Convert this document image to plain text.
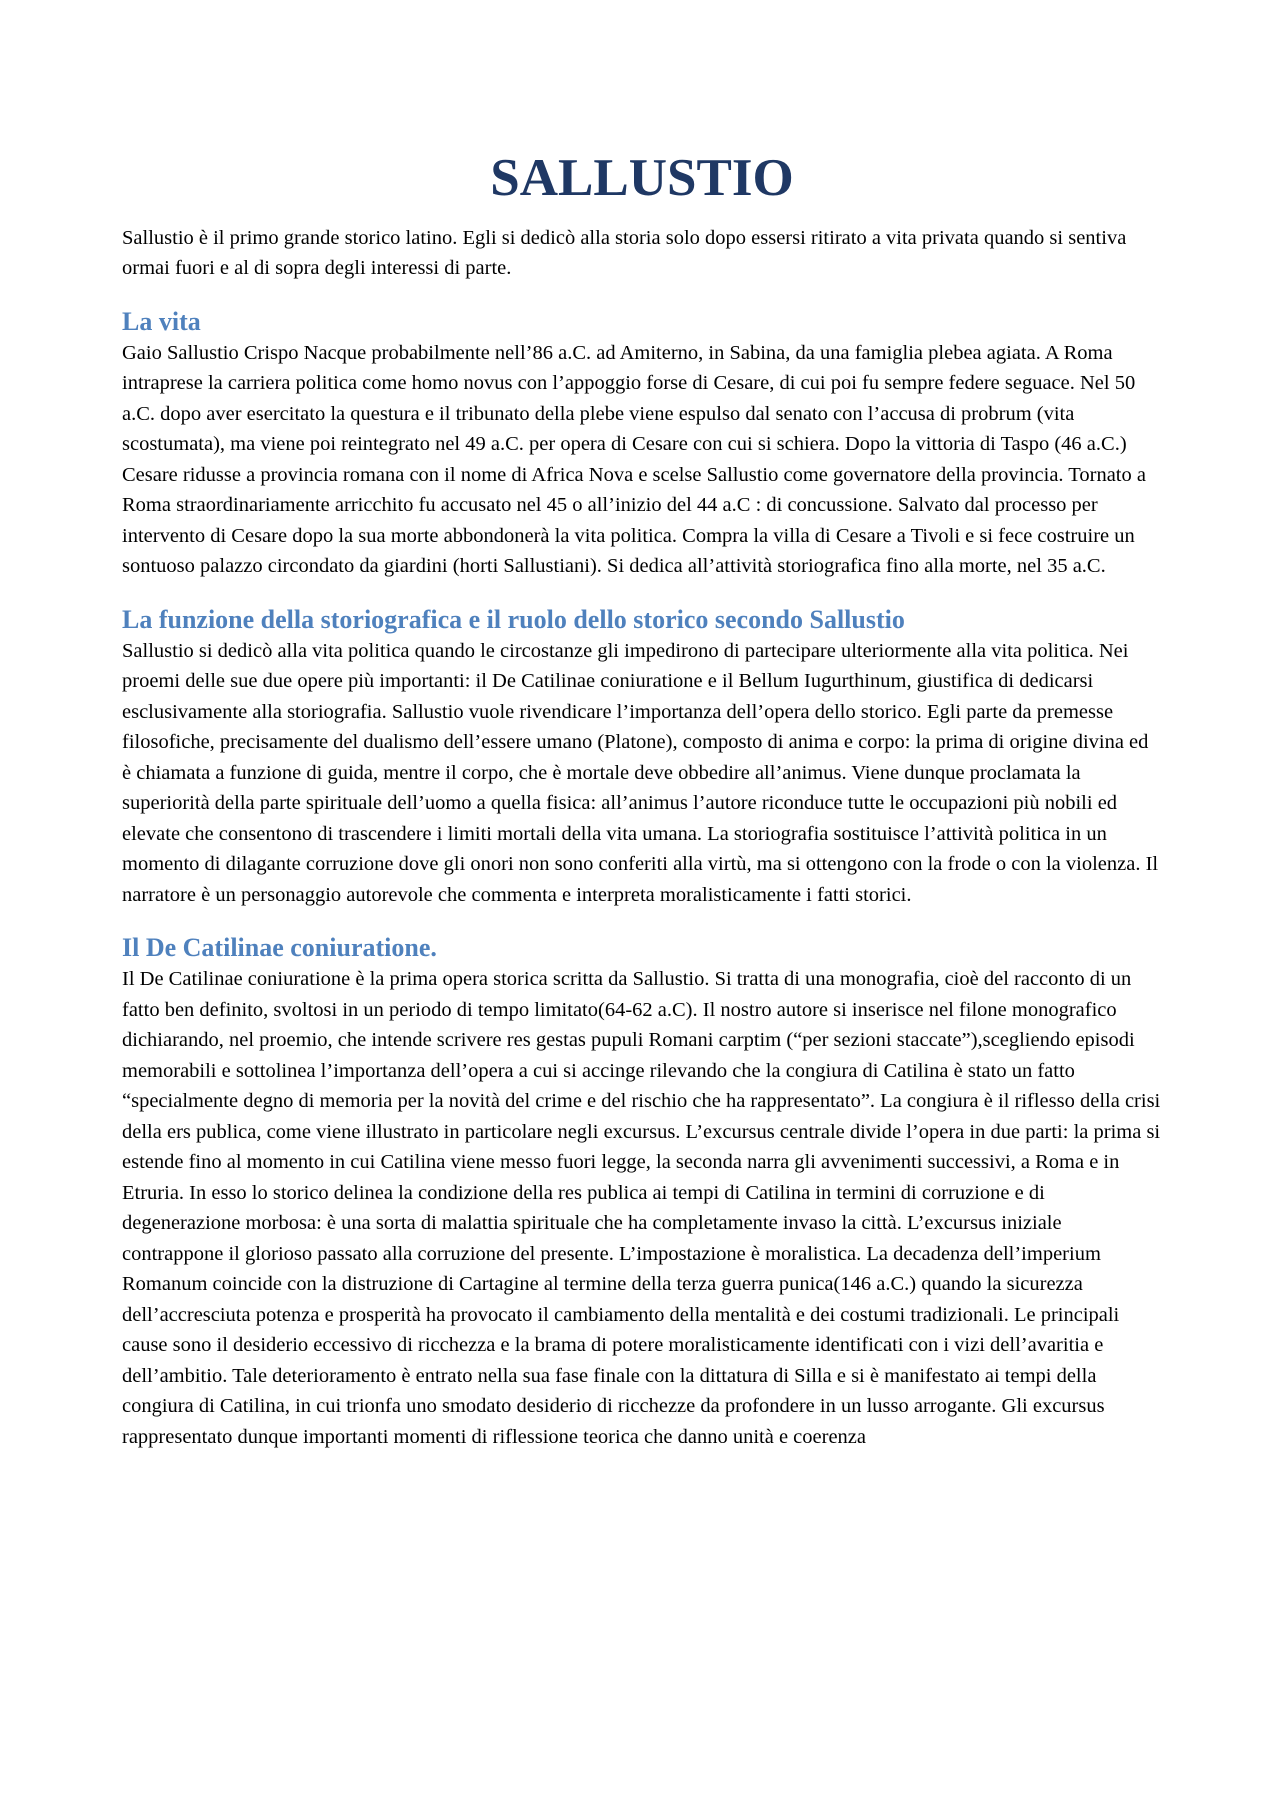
SALLUSTIO

Sallustio è il primo grande storico latino. Egli si dedicò alla storia solo dopo essersi ritirato a vita privata quando si sentiva ormai fuori e al di sopra degli interessi di parte.

La vita

Gaio Sallustio Crispo Nacque probabilmente nell’86 a.C. ad Amiterno, in Sabina, da una famiglia plebea agiata. A Roma intraprese la carriera politica come homo novus con l’appoggio forse di Cesare, di cui poi fu sempre federe seguace. Nel 50 a.C. dopo aver esercitato la questura e il tribunato della plebe viene espulso dal senato con l’accusa di probrum (vita scostumata), ma viene poi reintegrato nel 49 a.C. per opera di Cesare con cui si schiera. Dopo la vittoria di Taspo (46 a.C.) Cesare ridusse a provincia romana con il nome di Africa Nova e scelse Sallustio come governatore della provincia. Tornato a Roma straordinariamente arricchito fu accusato nel 45 o all’inizio del 44 a.C : di concussione. Salvato dal processo per intervento di Cesare dopo la sua morte abbondonerà la vita politica. Compra la villa di Cesare a Tivoli e si fece costruire un sontuoso palazzo circondato da giardini (horti Sallustiani). Si dedica all’attività storiografica fino alla morte, nel 35 a.C.

La funzione della storiografica e il ruolo dello storico secondo Sallustio

Sallustio si dedicò alla vita politica quando le circostanze gli impedirono di partecipare ulteriormente alla vita politica. Nei proemi delle sue due opere più importanti: il De Catilinae coniuratione e il Bellum Iugurthinum, giustifica di dedicarsi esclusivamente alla storiografia. Sallustio vuole rivendicare l’importanza dell’opera dello storico. Egli parte da premesse filosofiche, precisamente del dualismo dell’essere umano (Platone), composto di anima e corpo: la prima di origine divina ed è chiamata a funzione di guida, mentre il corpo, che è mortale deve obbedire all’animus. Viene dunque proclamata la superiorità della parte spirituale dell’uomo a quella fisica: all’animus l’autore riconduce tutte le occupazioni più nobili ed elevate che consentono di trascendere i limiti mortali della vita umana. La storiografia sostituisce l’attività politica in un momento di dilagante corruzione dove gli onori non sono conferiti alla virtù, ma si ottengono con la frode o con la violenza. Il narratore è un personaggio autorevole che commenta e interpreta moralisticamente i fatti storici.

Il De Catilinae coniuratione.

Il De Catilinae coniuratione è la prima opera storica scritta da Sallustio. Si tratta di una monografia, cioè del racconto di un fatto ben definito, svoltosi in un periodo di tempo limitato(64-62 a.C). Il nostro autore si inserisce nel filone monografico dichiarando, nel proemio, che intende scrivere res gestas pupuli Romani carptim (“per sezioni staccate”),scegliendo episodi memorabili e sottolinea l’importanza dell’opera a cui si accinge rilevando che la congiura di Catilina è stato un fatto “specialmente degno di memoria per la novità del crime e del rischio che ha rappresentato”. La congiura è il riflesso della crisi della ers publica, come viene illustrato in particolare negli excursus. L’excursus centrale divide l’opera in due parti: la prima si estende fino al momento in cui Catilina viene messo fuori legge, la seconda narra gli avvenimenti successivi, a Roma e in Etruria. In esso lo storico delinea la condizione della res publica ai tempi di Catilina in termini di corruzione e di degenerazione morbosa: è una sorta di malattia spirituale che ha completamente invaso la città. L’excursus iniziale contrappone il glorioso passato alla corruzione del presente. L’impostazione è moralistica. La decadenza dell’imperium Romanum coincide con la distruzione di Cartagine al termine della terza guerra punica(146 a.C.) quando la sicurezza dell’accresciuta potenza e prosperità ha provocato il cambiamento della mentalità e dei costumi tradizionali. Le principali cause sono il desiderio eccessivo di ricchezza e la brama di potere moralisticamente identificati con i vizi dell’avaritia e dell’ambitio. Tale deterioramento è entrato nella sua fase finale con la dittatura di Silla e si è manifestato ai tempi della congiura di Catilina, in cui trionfa uno smodato desiderio di ricchezze da profondere in un lusso arrogante. Gli excursus rappresentato dunque importanti momenti di riflessione teorica che danno unità e coerenza
